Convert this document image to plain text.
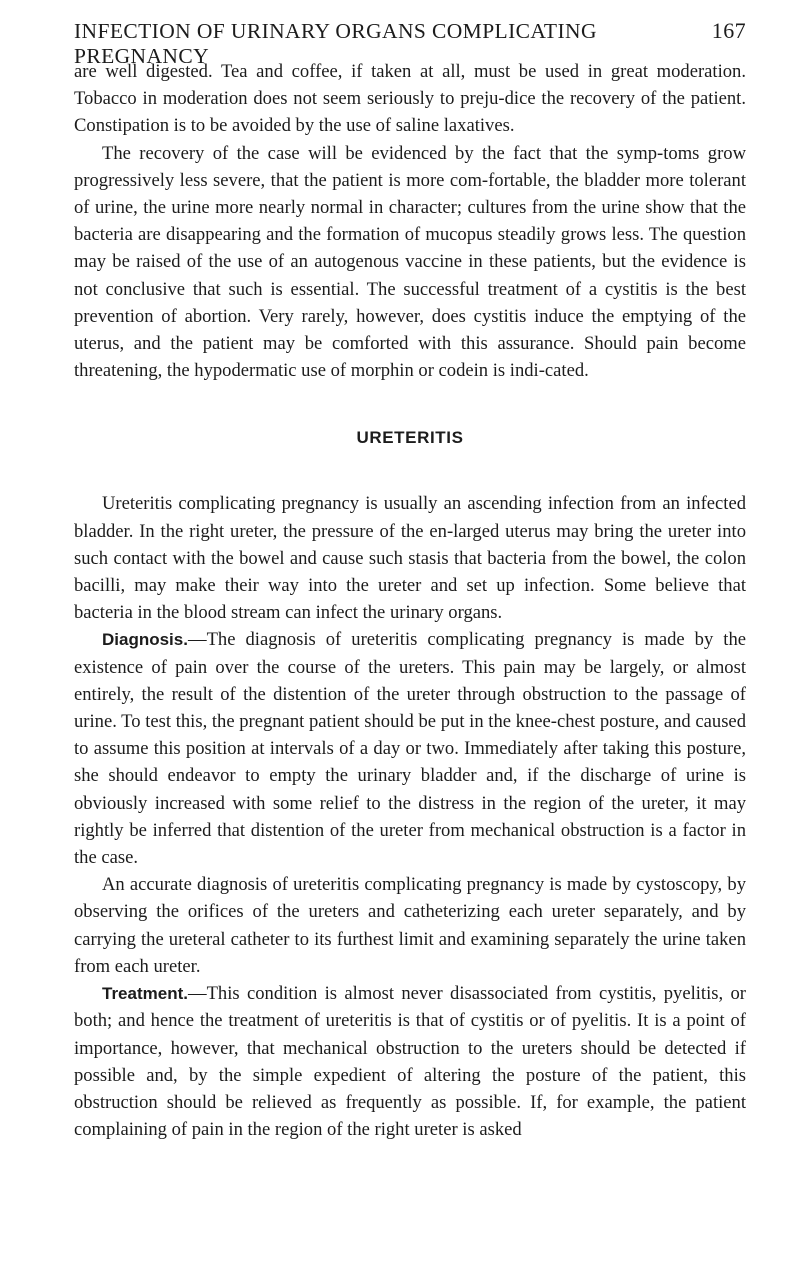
INFECTION OF URINARY ORGANS COMPLICATING PREGNANCY
167

are well digested. Tea and coffee, if taken at all, must be used in great moderation. Tobacco in moderation does not seem seriously to preju-dice the recovery of the patient. Constipation is to be avoided by the use of saline laxatives.

The recovery of the case will be evidenced by the fact that the symp-toms grow progressively less severe, that the patient is more com-fortable, the bladder more tolerant of urine, the urine more nearly normal in character; cultures from the urine show that the bacteria are disappearing and the formation of mucopus steadily grows less. The question may be raised of the use of an autogenous vaccine in these patients, but the evidence is not conclusive that such is essential. The successful treatment of a cystitis is the best prevention of abortion. Very rarely, however, does cystitis induce the emptying of the uterus, and the patient may be comforted with this assurance. Should pain become threatening, the hypodermatic use of morphin or codein is indi-cated.

URETERITIS

Ureteritis complicating pregnancy is usually an ascending infection from an infected bladder. In the right ureter, the pressure of the en-larged uterus may bring the ureter into such contact with the bowel and cause such stasis that bacteria from the bowel, the colon bacilli, may make their way into the ureter and set up infection. Some believe that bacteria in the blood stream can infect the urinary organs.

Diagnosis.—The diagnosis of ureteritis complicating pregnancy is made by the existence of pain over the course of the ureters. This pain may be largely, or almost entirely, the result of the distention of the ureter through obstruction to the passage of urine. To test this, the pregnant patient should be put in the knee-chest posture, and caused to assume this position at intervals of a day or two. Immediately after taking this posture, she should endeavor to empty the urinary bladder and, if the discharge of urine is obviously increased with some relief to the distress in the region of the ureter, it may rightly be inferred that distention of the ureter from mechanical obstruction is a factor in the case.

An accurate diagnosis of ureteritis complicating pregnancy is made by cystoscopy, by observing the orifices of the ureters and catheterizing each ureter separately, and by carrying the ureteral catheter to its furthest limit and examining separately the urine taken from each ureter.

Treatment.—This condition is almost never disassociated from cystitis, pyelitis, or both; and hence the treatment of ureteritis is that of cystitis or of pyelitis. It is a point of importance, however, that mechanical obstruction to the ureters should be detected if possible and, by the simple expedient of altering the posture of the patient, this obstruction should be relieved as frequently as possible. If, for example, the patient complaining of pain in the region of the right ureter is asked
